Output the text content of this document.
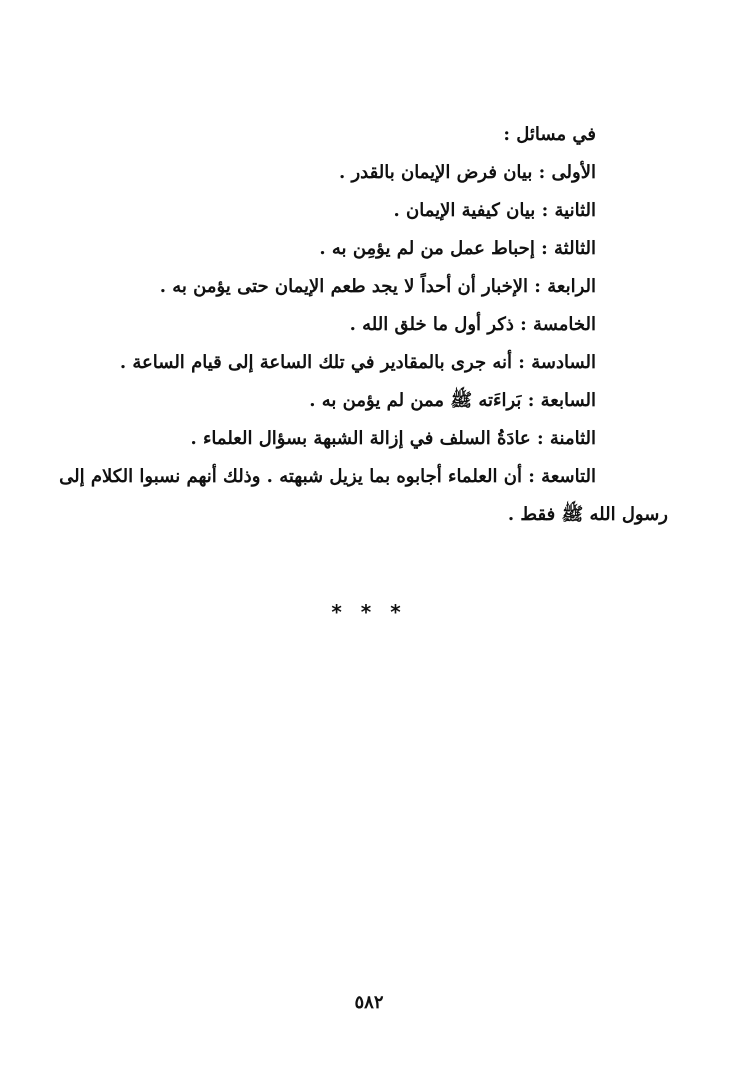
في مسائل :
الأولى : بيان فرض الإيمان بالقدر .
الثانية : بيان كيفية الإيمان .
الثالثة : إحباط عمل من لم يؤمِن به .
الرابعة : الإخبار أن أحداً لا يجد طعم الإيمان حتى يؤمن به .
الخامسة : ذكر أول ما خلق الله .
السادسة : أنه جرى بالمقادير في تلك الساعة إلى قيام الساعة .
السابعة : بَراءَته ﷺ ممن لم يؤمن به .
الثامنة : عادَةُ السلف في إزالة الشبهة بسؤال العلماء .
التاسعة : أن العلماء أجابوه بما يزيل شبهته . وذلك أنهم نسبوا الكلام إلى
رسول الله ﷺ فقط .
* * *
٥٨٢
